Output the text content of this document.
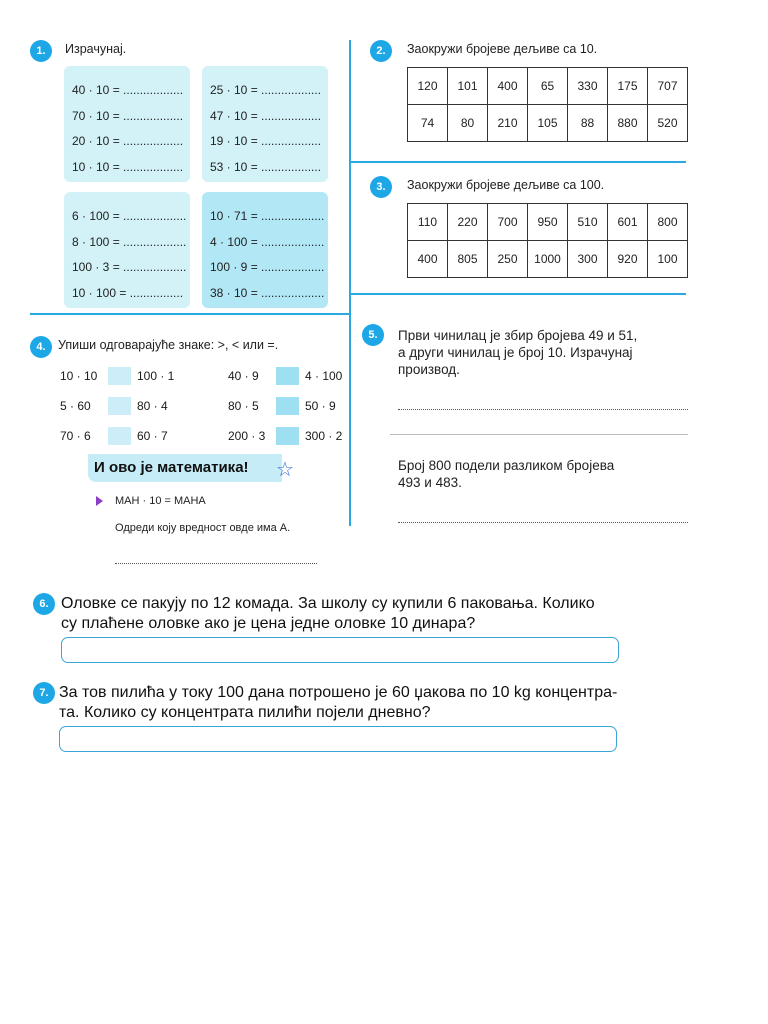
1.	Израчунај.
40 · 10 = ..................
70 · 10 = ..................
20 · 10 = ..................
10 · 10 = ..................
25 · 10 = ..................
47 · 10 = ..................
19 · 10 = ..................
53 · 10 = ..................
6 · 100 = ...................
8 · 100 = ...................
100 · 3 = ...................
10 · 100 = ................
10 · 71 = ...................
4 · 100 = ...................
100 · 9 = ...................
38 · 10 = ...................
2.	Заокружи бројеве дељиве са 10.
120	101	400	65	330	175	707
74	80	210	105	88	880	520
3.	Заокружи бројеве дељиве са 100.
110	220	700	950	510	601	800
400	805	250	1000	300	920	100
4. Упиши одговарајуће знаке: >, < или =.
10 · 10	100 · 1
5 · 60	80 · 4
70 · 6	60 · 7
40 · 9	4 · 100
80 · 5	50 · 9
200 · 3	300 · 2
И ово је математика!	☆
МАН · 10 = МАНА
Одреди коју вредност овде има А.
5.	Први чинилац је збир бројева 49 и 51,
а други чинилац је број 10. Израчунај
производ.
Број 800 подели разликом бројева
493 и 483.
6. Оловке се пакују по 12 комада. За школу су купили 6 паковања. Колико
су плаћене оловке ако је цена једне оловке 10 динара?
7. За тов пилића у току 100 дана потрошено је 60 џакова по 10 kg концентра-
та. Колико су концентрата пилићи појели дневно?
